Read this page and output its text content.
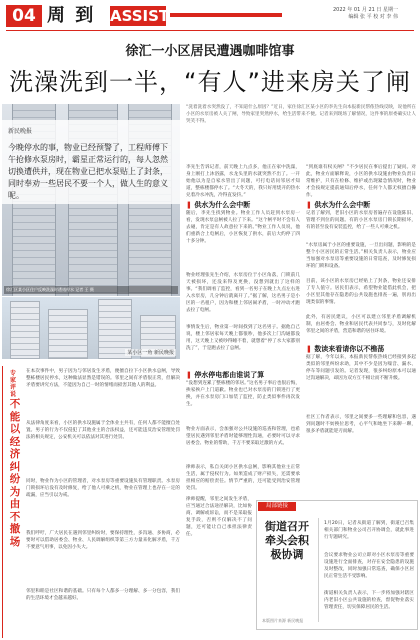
04 周 到 ASSIST	2022 年 01 月 21 日 星期一
编辑 张 平 校 对 李 伟
徐汇一小区居民遭遇咖啡馆事
洗澡洗到一半，“有人”进来房关了闸
新民晚报
今晚停水的事，物业已经预警了，工程师傅下午抢修水泵房时，霸星正常运行的，每人忽然切换遭供并，现在物业已把水泵贴上了封条，同时奉劝一些居民不要一个人，做人生的意义呢。
徐汇区某小区住户反映洗澡时遭遇停水 记者 王 摄
某小区一角 新民晚报
“洗着洗着水突然没了，不知道什么原因？”近日，家住徐汇区某小区的李先生向本报新民帮侬热线反映，说他所在小区的水泵房被人关了闸，导致家里突然停水，给生活带来不便。记者来到现场了解情况，这件事的原委确实让人哭笑不得。
李先生告诉记者，前天晚上九点多，他正在家中洗澡，身上刚打上沐浴露，水龙头里的水就突然不出了。一开始他以为是自家水管出了问题，可打电话问邻居才知道，整栋楼都停水了。“大冬天的，我只好用烧开的热水兑着冷水冲洗，冷得直发抖。”
❚ 供水为什么会中断
随后，李先生找到物业。物业工作人员赶到水泵房一看，发现水泵总闸被人拉了下来。“这个闸平时不会有人去碰，肯定是有人故意拉下来的。”物业工作人员说，他们重新合上电闸后，小区恢复了供水，前后大约停了四十多分钟。
物业经理张先生介绍，水泵房位于小区角落，门锁前几天被损坏，还没来得及更换，没想到就出了这样的事。“我们调看了监控，看到一名男子在晚上九点左右进入水泵房，几分钟后就离开了。”据了解，这名男子是小区的一名租户，因为和楼上邻居闹矛盾，一时冲动才跑去拉了电闸。
事情发生后，物业第一时间找到了这名男子。据他自己说，楼上邻居家每天晚上都很吵，他多次上门沟通都没用，这天晚上又被吵得睡不着，就想着“停了水大家都别洗了”，于是跑去拉了总闸。
❚ 停水停电都由谁说了算
“没想到连累了整栋楼的邻居。”这名男子事后也很后悔，挨家挨户上门道歉。物业也已对水泵房的门锁进行了更换，并在水泵房门口加装了监控，防止类似事件再次发生。
物业方面表示，会加强对公共设施的巡查和管理，也希望居民遇到邻里矛盾时能够理性沟通，必要时可以寻求居委会、物业的帮助，千万不要采取过激的方式。
律师表示，私自关闭小区供水总闸，影响其他业主正常生活，属于侵权行为。如果造成了财产损失，还需要承担相应的赔偿责任。情节严重的，还可能受到治安管理处罚。
律师提醒，邻里之间发生矛盾，应当通过合法途径解决，比如协商、调解或诉讼，而不是采取报复手段，否则不仅解决不了问题，还可能让自己承担法律责任。
“到底谁有权关闸？”不少居民在事后提出了疑问。对此，物业方面解释说，小区的供水设施由物业负责日常维护，只有在检修、维护或出现紧急情况时，物业才会按规定提前通知后停水，任何个人都无权擅自操作。
❚ 供水为什么会中断
记者了解到，老旧小区的水泵房普遍存在设施陈旧、管理不到位的问题。有的小区水泵房门锁长期损坏，有的甚至没有安装监控，给了一些人可乘之机。
“水泵房属于小区的重要设施，一旦出问题，影响的是整个小区居民的正常生活。”相关负责人表示，物业应当加强对水泵房等重要设施的日常巡查，及时修复损坏的门锁和设备。
目前，该小区的水泵房已经贴上了封条，物业还安排了专人值守。居民们表示，希望物业能借此机会，把小区里其他存在隐患的公共设施也排查一遍，别再出现类似的事情。
此外，有居民建议，小区可以建立邻里矛盾调解机制，由居委会、物业和居民代表共同参与，及时化解邻里之间的矛盾，营造和谐的居住环境。
❚ 数读来看请你以不樵荡
据了解，今年以来，本报新民帮侬热线已经接到多起类似的邻里纠纷求助，其中不少是因为噪音、漏水、停车等问题引发的。记者发现，很多纠纷原本可以通过沟通解决，却因为双方互不相让而不断升级。
社区工作者表示，邻里之间要多一些理解和包容，遇到问题时不妨换位思考，心平气和地坐下来聊一聊，很多矛盾就能迎刃而解。
专家评说
不能以经济纠纷为由不撤场
在本次事件中，男子因为与邻居发生矛盾，便擅自拉下小区供水总闸，导致整栋楼居民停水，这种做法显然是错误的。邻里之间有矛盾很正常，但解决矛盾要讲究方法，不能因为自己一时的情绪而损害其他人的利益。
从法律角度来看，小区的供水设施属于全体业主共有，任何人都不能擅自处置。男子的行为不仅侵犯了其他业主的合法权益，还可能违反治安管理处罚法的相关规定，公安机关可以依法对其进行处罚。
同时，物业作为小区的管理者，对水泵房等重要设施负有管理职责。水泵房门锁损坏后没有及时修复，给了他人可乘之机，物业在管理上也存在一定的疏漏，应当引以为戒。
我们呼吁，广大居民在遇到邻里纠纷时，要保持理性，多沟通、多协商，必要时可以借助居委会、物业、人民调解组织等第三方力量来化解矛盾，千万不要意气用事，以免因小失大。
邻里和睦是社区和谐的基础。只有每个人都多一分理解、多一分包容，我们的生活环境才会越来越好。
局部链接
街道召开牵头会积极协调
1月20日，记者从街道了解到，街道已召集相关部门和物业公司召开协调会，就此事进行专题研究。
会议要求物业公司立即对小区水泵房等重要设施进行全面排查，对存在安全隐患的设施及时整改，同时加强日常巡查，确保小区居民正常生活不受影响。
街道相关负责人表示，下一步将加强对辖区内老旧小区公共设施的检查，督促物业落实管理责任，切实保障居民的生活。
本版图片来源 新民晚报
